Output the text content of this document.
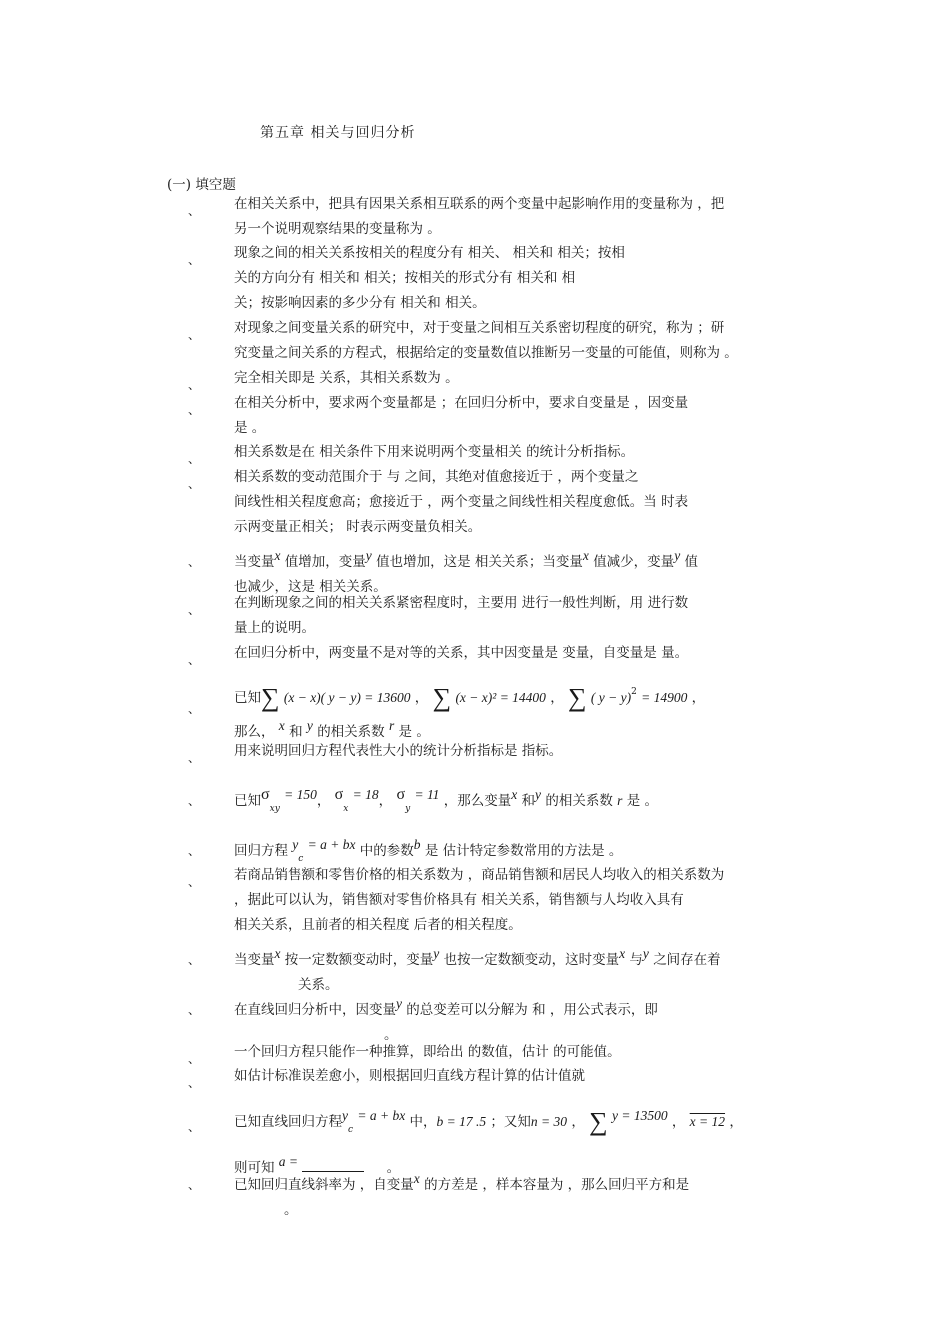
第五章 相关与回归分析
(一) 填空题
、	在相关关系中，把具有因果关系相互联系的两个变量中起影响作用的变量称为 ，把
另一个说明观察结果的变量称为 。
、	现象之间的相关关系按相关的程度分有 相关、 相关和 相关；按相
关的方向分有 相关和 相关；按相关的形式分有 相关和 相
关；按影响因素的多少分有 相关和 相关。
、	对现象之间变量关系的研究中，对于变量之间相互关系密切程度的研究，称为 ；研
究变量之间关系的方程式，根据给定的变量数值以推断另一变量的可能值，则称为 。
、	完全相关即是 关系，其相关系数为 。
、	在相关分析中，要求两个变量都是 ；在回归分析中，要求自变量是 ，因变量
是 。
、	相关系数是在 相关条件下用来说明两个变量相关 的统计分析指标。
、	相关系数的变动范围介于 与 之间，其绝对值愈接近于 ，两个变量之
间线性相关程度愈高；愈接近于 ，两个变量之间线性相关程度愈低。当 时表
示两变量正相关； 时表示两变量负相关。
、	当变量x 值增加，变量y 值也增加，这是 相关关系；当变量x 值减少，变量y 值
也减少，这是 相关关系。
、	在判断现象之间的相关关系紧密程度时，主要用 进行一般性判断，用 进行数
量上的说明。
、	在回归分析中，两变量不是对等的关系，其中因变量是 变量，自变量是 量。
、
已知∑ (x − x)( y − y) = 13600 ， ∑ (x − x)² = 14400 ， ∑ ( y − y)$^2$ = 14900 ，
那么， x 和 y 的相关系数 r 是 。
、	用来说明回归方程代表性大小的统计分析指标是 指标。
、	已知$\sigma_{xy} = 150$， $\sigma_x = 18$， $\sigma_y = 11$ ，那么变量x 和y 的相关系数 r 是 。
、	回归方程 $y_c = a$ + bx 中的参数b 是 估计特定参数常用的方法是 。
、	若商品销售额和零售价格的相关系数为 ，商品销售额和居民人均收入的相关系数为
，据此可以认为，销售额对零售价格具有 相关关系，销售额与人均收入具有
相关关系，且前者的相关程度 后者的相关程度。
、	当变量x 按一定数额变动时，变量y 也按一定数额变动，这时变量x 与y 之间存在着
关系。
、	在直线回归分析中，因变量y 的总变差可以分解为 和 ，用公式表示，即
。
、	一个回归方程只能作一种推算，即给出 的数值，估计 的可能值。
、	如估计标准误差愈小，则根据回归直线方程计算的估计值就
、	已知直线回归方程$y_c = a$ + bx 中，b = 17 .5 ；又知n = 30 ， ∑ y = 13500 ， x = 12 ，
则可知 a =	。
、	已知回归直线斜率为 ，自变量x 的方差是 ，样本容量为 ，那么回归平方和是
。
